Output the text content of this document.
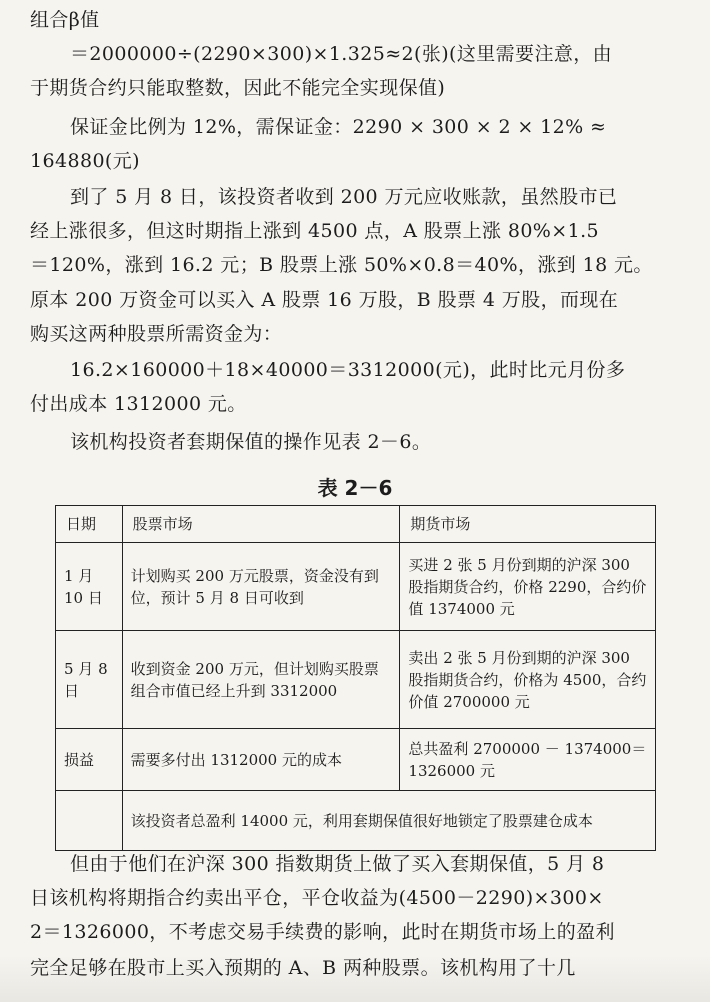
组合β值
＝2000000÷(2290×300)×1.325≈2(张)(这里需要注意，由
于期货合约只能取整数，因此不能完全实现保值)
保证金比例为 12%，需保证金：2290 × 300 × 2 × 12% ≈
164880(元)
到了 5 月 8 日，该投资者收到 200 万元应收账款，虽然股市已
经上涨很多，但这时期指上涨到 4500 点，A 股票上涨 80%×1.5
＝120%，涨到 16.2 元；B 股票上涨 50%×0.8＝40%，涨到 18 元。
原本 200 万资金可以买入 A 股票 16 万股，B 股票 4 万股，而现在
购买这两种股票所需资金为：
16.2×160000＋18×40000＝3312000(元)，此时比元月份多
付出成本 1312000 元。
该机构投资者套期保值的操作见表 2－6。
表 2－6
日期	股票市场	期货市场
1 月 10 日	计划购买 200 万元股票，资金没有到位，预计 5 月 8 日可收到	买进 2 张 5 月份到期的沪深 300 股指期货合约，价格 2290，合约价值 1374000 元
5 月 8 日	收到资金 200 万元，但计划购买股票组合市值已经上升到 3312000	卖出 2 张 5 月份到期的沪深 300 股指期货合约，价格为 4500，合约价值 2700000 元
损益	需要多付出 1312000 元的成本	总共盈利 2700000 － 1374000＝1326000 元
	该投资者总盈利 14000 元，利用套期保值很好地锁定了股票建仓成本	
但由于他们在沪深 300 指数期货上做了买入套期保值，5 月 8
日该机构将期指合约卖出平仓，平仓收益为(4500－2290)×300×
2＝1326000，不考虑交易手续费的影响，此时在期货市场上的盈利
完全足够在股市上买入预期的 A、B 两种股票。该机构用了十几
